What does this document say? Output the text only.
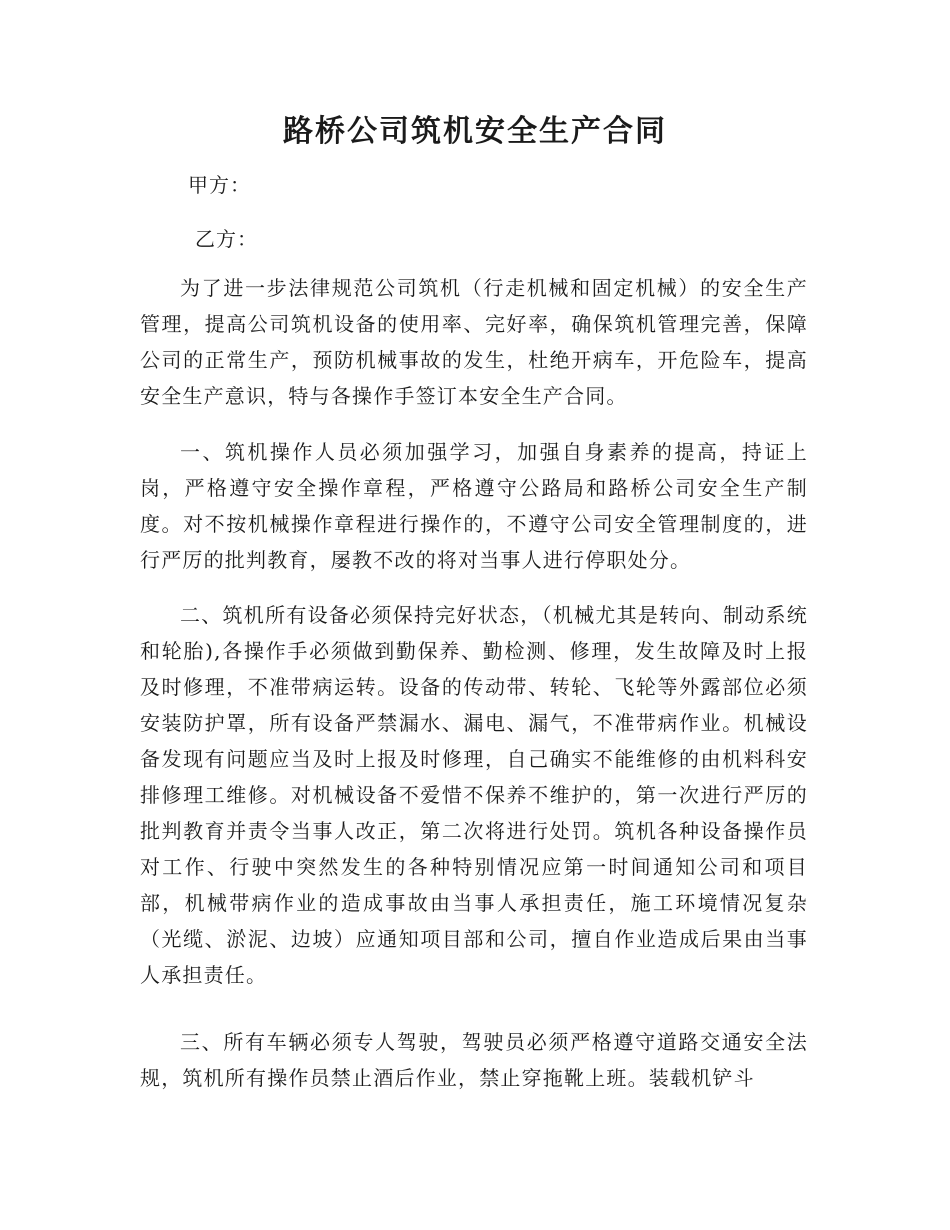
路桥公司筑机安全生产合同
甲方：
乙方：

为了进一步法律规范公司筑机（行走机械和固定机械）的安全生产管理，提高公司筑机设备的使用率、完好率，确保筑机管理完善，保障公司的正常生产，预防机械事故的发生，杜绝开病车，开危险车，提高安全生产意识，特与各操作手签订本安全生产合同。

一、筑机操作人员必须加强学习，加强自身素养的提高，持证上岗，严格遵守安全操作章程，严格遵守公路局和路桥公司安全生产制度。对不按机械操作章程进行操作的，不遵守公司安全管理制度的，进行严厉的批判教育，屡教不改的将对当事人进行停职处分。

二、筑机所有设备必须保持完好状态，（机械尤其是转向、制动系统和轮胎),各操作手必须做到勤保养、勤检测、修理，发生故障及时上报及时修理，不准带病运转。设备的传动带、转轮、飞轮等外露部位必须安装防护罩，所有设备严禁漏水、漏电、漏气，不准带病作业。机械设备发现有问题应当及时上报及时修理，自己确实不能维修的由机料科安排修理工维修。对机械设备不爱惜不保养不维护的，第一次进行严厉的批判教育并责令当事人改正，第二次将进行处罚。筑机各种设备操作员对工作、行驶中突然发生的各种特别情况应第一时间通知公司和项目部，机械带病作业的造成事故由当事人承担责任，施工环境情况复杂（光缆、淤泥、边坡）应通知项目部和公司，擅自作业造成后果由当事人承担责任。

三、所有车辆必须专人驾驶，驾驶员必须严格遵守道路交通安全法规，筑机所有操作员禁止酒后作业，禁止穿拖靴上班。装载机铲斗
